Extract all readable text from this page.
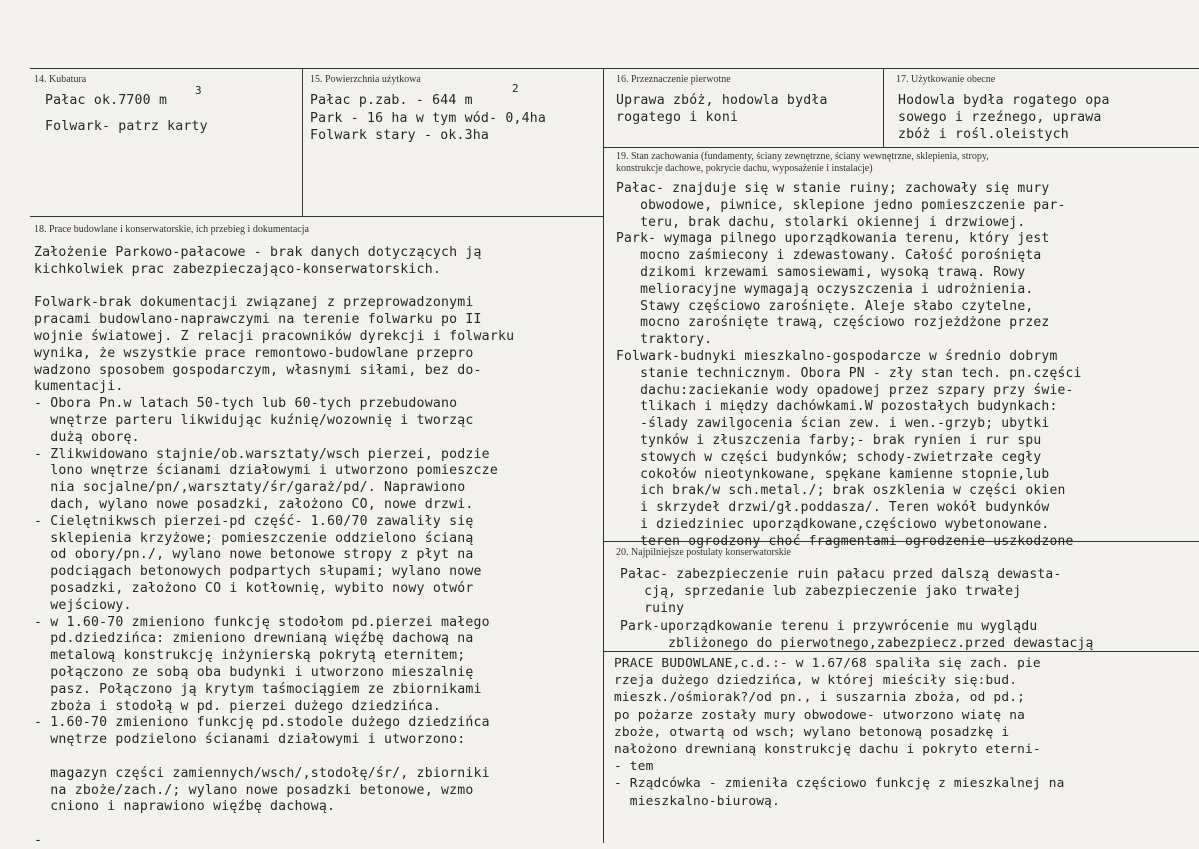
14. Kubatura
Pałac ok.7700 m
3
Folwark- patrz karty
15. Powierzchnia użytkowa
Pałac p.zab. - 644 m
2
Park - 16 ha w tym wód- 0,4ha
Folwark stary - ok.3ha
16. Przeznaczenie pierwotne
Uprawa zbóż, hodowla bydła
rogatego i koni
17. Użytkowanie obecne
Hodowla bydła rogatego opa
sowego i rzeźnego, uprawa
zbóż i rośl.oleistych
19. Stan zachowania (fundamenty, ściany zewnętrzne, ściany wewnętrzne, sklepienia, stropy,
konstrukcje dachowe, pokrycie dachu, wyposażenie i instalacje)
Pałac- znajduje się w stanie ruiny; zachowały się mury
obwodowe, piwnice, sklepione jedno pomieszczenie par-
teru, brak dachu, stolarki okiennej i drzwiowej.
Park- wymaga pilnego uporządkowania terenu, który jest
mocno zaśmiecony i zdewastowany. Całość porośnięta
dzikomi krzewami samosiewami, wysoką trawą. Rowy
melioracyjne wymagają oczyszczenia i udrożnienia.
Stawy częściowo zarośnięte. Aleje słabo czytelne,
mocno zarośnięte trawą, częściowo rozjeżdżone przez
traktory.
Folwark-budnyki mieszkalno-gospodarcze w średnio dobrym
stanie technicznym. Obora PN - zły stan tech. pn.części
dachu:zaciekanie wody opadowej przez szpary przy świe-
tlikach i między dachówkami.W pozostałych budynkach:
-ślady zawilgocenia ścian zew. i wen.-grzyb; ubytki
tynków i złuszczenia farby;- brak rynien i rur spu
stowych w części budynków; schody-zwietrzałe cegły
cokołów nieotynkowane, spękane kamienne stopnie,lub
ich brak/w sch.metal./; brak oszklenia w części okien
i skrzydeł drzwi/gł.poddasza/. Teren wokół budynków
i dziedziniec uporządkowane,częściowo wybetonowane.
teren ogrodzony choć fragmentami ogrodzenie uszkodzone
18. Prace budowlane i konserwatorskie, ich przebieg i dokumentacja
Założenie Parkowo-pałacowe - brak danych dotyczących ją
kichkolwiek prac zabezpieczająco-konserwatorskich.
Folwark-brak dokumentacji związanej z przeprowadzonymi
pracami budowlano-naprawczymi na terenie folwarku po II
wojnie światowej. Z relacji pracowników dyrekcji i folwarku
wynika, że wszystkie prace remontowo-budowlane przepro
wadzono sposobem gospodarczym, własnymi siłami, bez do-
kumentacji.
- Obora Pn.w latach 50-tych lub 60-tych przebudowano
wnętrze parteru likwidując kuźnię/wozownię i tworząc
dużą oborę.
- Zlikwidowano stajnie/ob.warsztaty/wsch pierzei, podzie
lono wnętrze ścianami działowymi i utworzono pomieszcze
nia socjalne/pn/,warsztaty/śr/garaż/pd/. Naprawiono
dach, wylano nowe posadzki, założono CO, nowe drzwi.
- Cielętnikwsch pierzei-pd część- 1.60/70 zawaliły się
sklepienia krzyżowe; pomieszczenie oddzielono ścianą
od obory/pn./, wylano nowe betonowe stropy z płyt na
podciągach betonowych podpartych słupami; wylano nowe
posadzki, założono CO i kotłownię, wybito nowy otwór
wejściowy.
- w 1.60-70 zmieniono funkcję stodołom pd.pierzei małego
pd.dziedzińca: zmieniono drewnianą więźbę dachową na
metalową konstrukcję inżynierską pokrytą eternitem;
połączono ze sobą oba budynki i utworzono mieszalnię
pasz. Połączono ją krytym taśmociągiem ze zbiornikami
zboża i stodołą w pd. pierzei dużego dziedzińca.
- 1.60-70 zmieniono funkcję pd.stodole dużego dziedzińca
wnętrze podzielono ścianami działowymi i utworzono:
magazyn części zamiennych/wsch/,stodołę/śr/, zbiorniki
na zboże/zach./; wylano nowe posadzki betonowe, wzmo
cniono i naprawiono więźbę dachową.
-
20. Najpilniejsze postulaty konserwatorskie
Pałac- zabezpieczenie ruin pałacu przed dalszą dewasta-
cją, sprzedanie lub zabezpieczenie jako trwałej
ruiny
Park-uporządkowanie terenu i przywrócenie mu wyglądu
zbliżonego do pierwotnego,zabezpiecz.przed dewastacją
PRACE BUDOWLANE,c.d.:- w 1.67/68 spaliła się zach. pie
rzeja dużego dziedzińca, w której mieściły się:bud.
mieszk./ośmiorak?/od pn., i suszarnia zboża, od pd.;
po pożarze zostały mury obwodowe- utworzono wiatę na
zboże, otwartą od wsch; wylano betonową posadzkę i
nałożono drewnianą konstrukcję dachu i pokryto eterni-
- tem
- Rządcówka - zmieniła częściowo funkcję z mieszkalnej na
mieszkalno-biurową.
